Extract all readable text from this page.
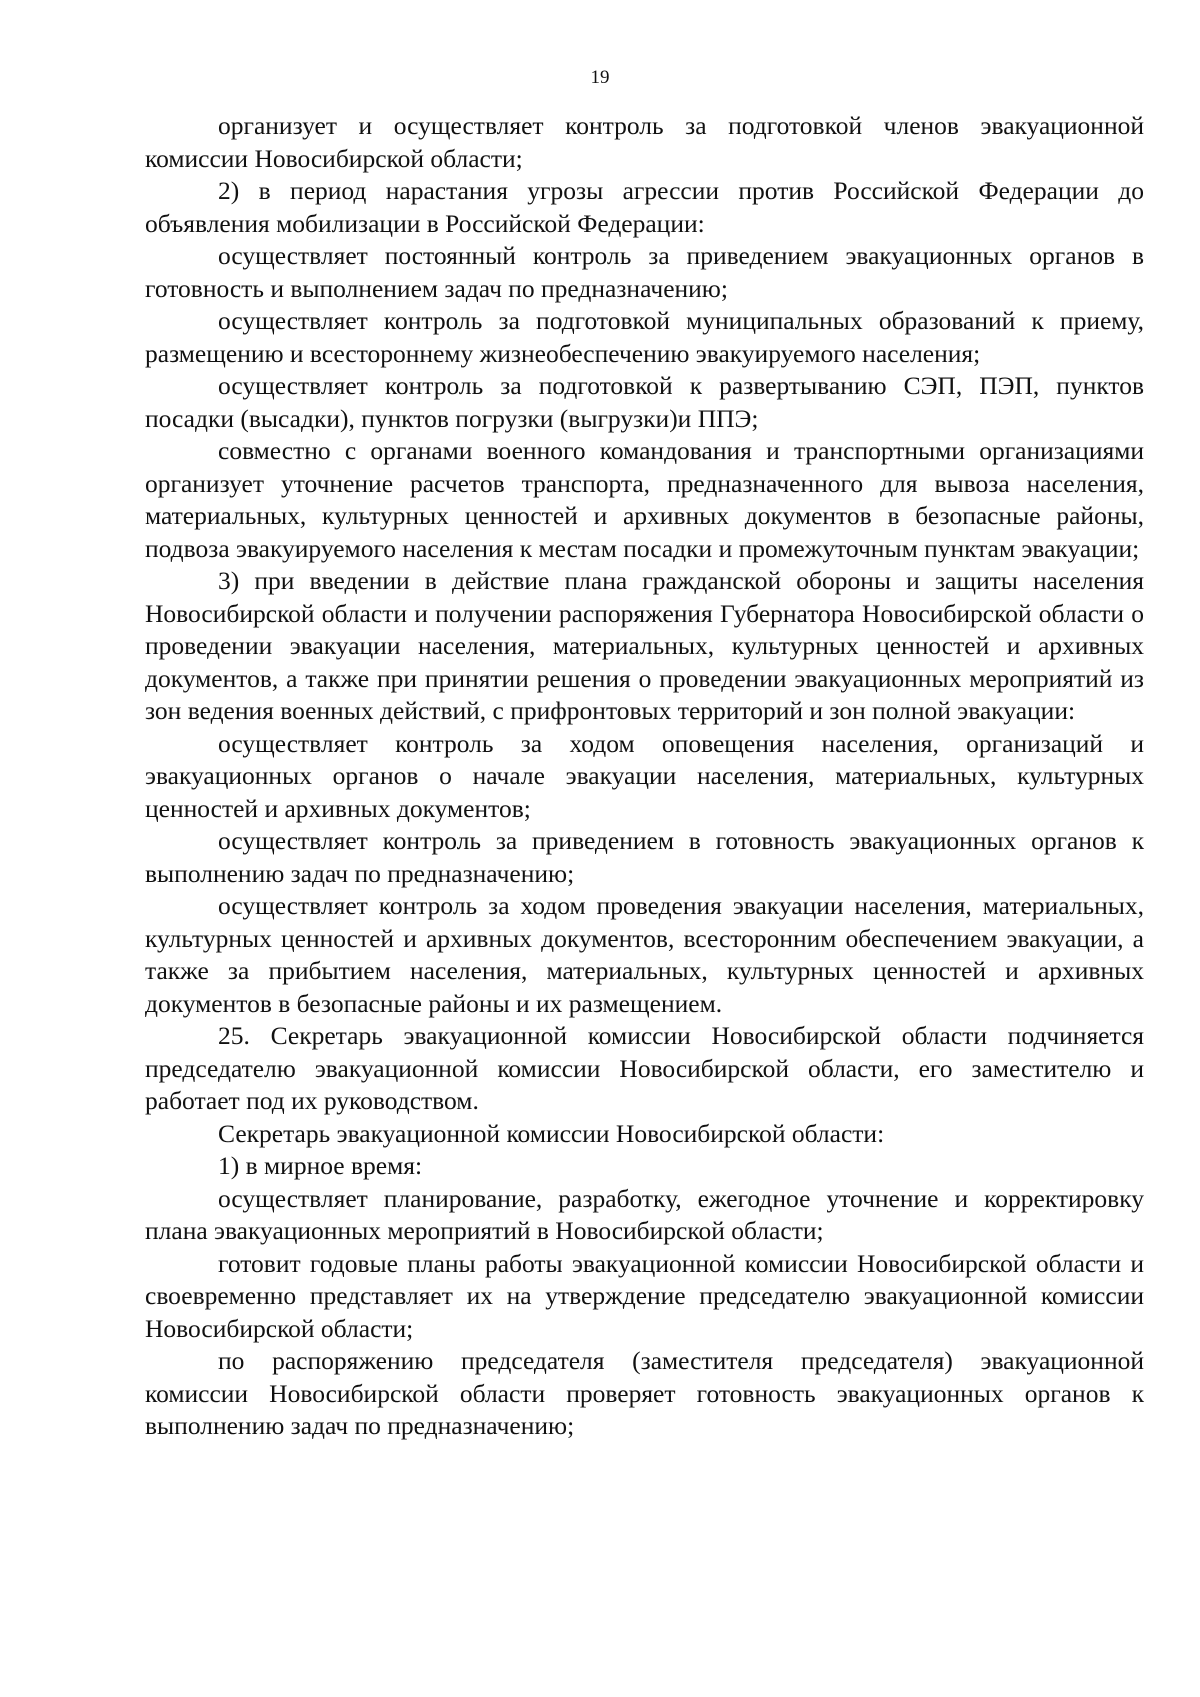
19

организует и осуществляет контроль за подготовкой членов эвакуационной комиссии Новосибирской области;

2) в период нарастания угрозы агрессии против Российской Федерации до объявления мобилизации в Российской Федерации:

осуществляет постоянный контроль за приведением эвакуационных органов в готовность и выполнением задач по предназначению;

осуществляет контроль за подготовкой муниципальных образований к приему, размещению и всестороннему жизнеобеспечению эвакуируемого населения;

осуществляет контроль за подготовкой к развертыванию СЭП, ПЭП, пунктов посадки (высадки), пунктов погрузки (выгрузки)и ППЭ;

совместно с органами военного командования и транспортными организациями организует уточнение расчетов транспорта, предназначенного для вывоза населения, материальных, культурных ценностей и архивных документов в безопасные районы, подвоза эвакуируемого населения к местам посадки и промежуточным пунктам эвакуации;

3) при введении в действие плана гражданской обороны и защиты населения Новосибирской области и получении распоряжения Губернатора Новосибирской области о проведении эвакуации населения, материальных, культурных ценностей и архивных документов, а также при принятии решения о проведении эвакуационных мероприятий из зон ведения военных действий, с прифронтовых территорий и зон полной эвакуации:

осуществляет контроль за ходом оповещения населения, организаций и эвакуационных органов о начале эвакуации населения, материальных, культурных ценностей и архивных документов;

осуществляет контроль за приведением в готовность эвакуационных органов к выполнению задач по предназначению;

осуществляет контроль за ходом проведения эвакуации населения, материальных, культурных ценностей и архивных документов, всесторонним обеспечением эвакуации, а также за прибытием населения, материальных, культурных ценностей и архивных документов в безопасные районы и их размещением.

25. Секретарь эвакуационной комиссии Новосибирской области подчиняется председателю эвакуационной комиссии Новосибирской области, его заместителю и работает под их руководством.

Секретарь эвакуационной комиссии Новосибирской области:

1) в мирное время:

осуществляет планирование, разработку, ежегодное уточнение и корректировку плана эвакуационных мероприятий в Новосибирской области;

готовит годовые планы работы эвакуационной комиссии Новосибирской области и своевременно представляет их на утверждение председателю эвакуационной комиссии Новосибирской области;

по распоряжению председателя (заместителя председателя) эвакуационной комиссии Новосибирской области проверяет готовность эвакуационных органов к выполнению задач по предназначению;
